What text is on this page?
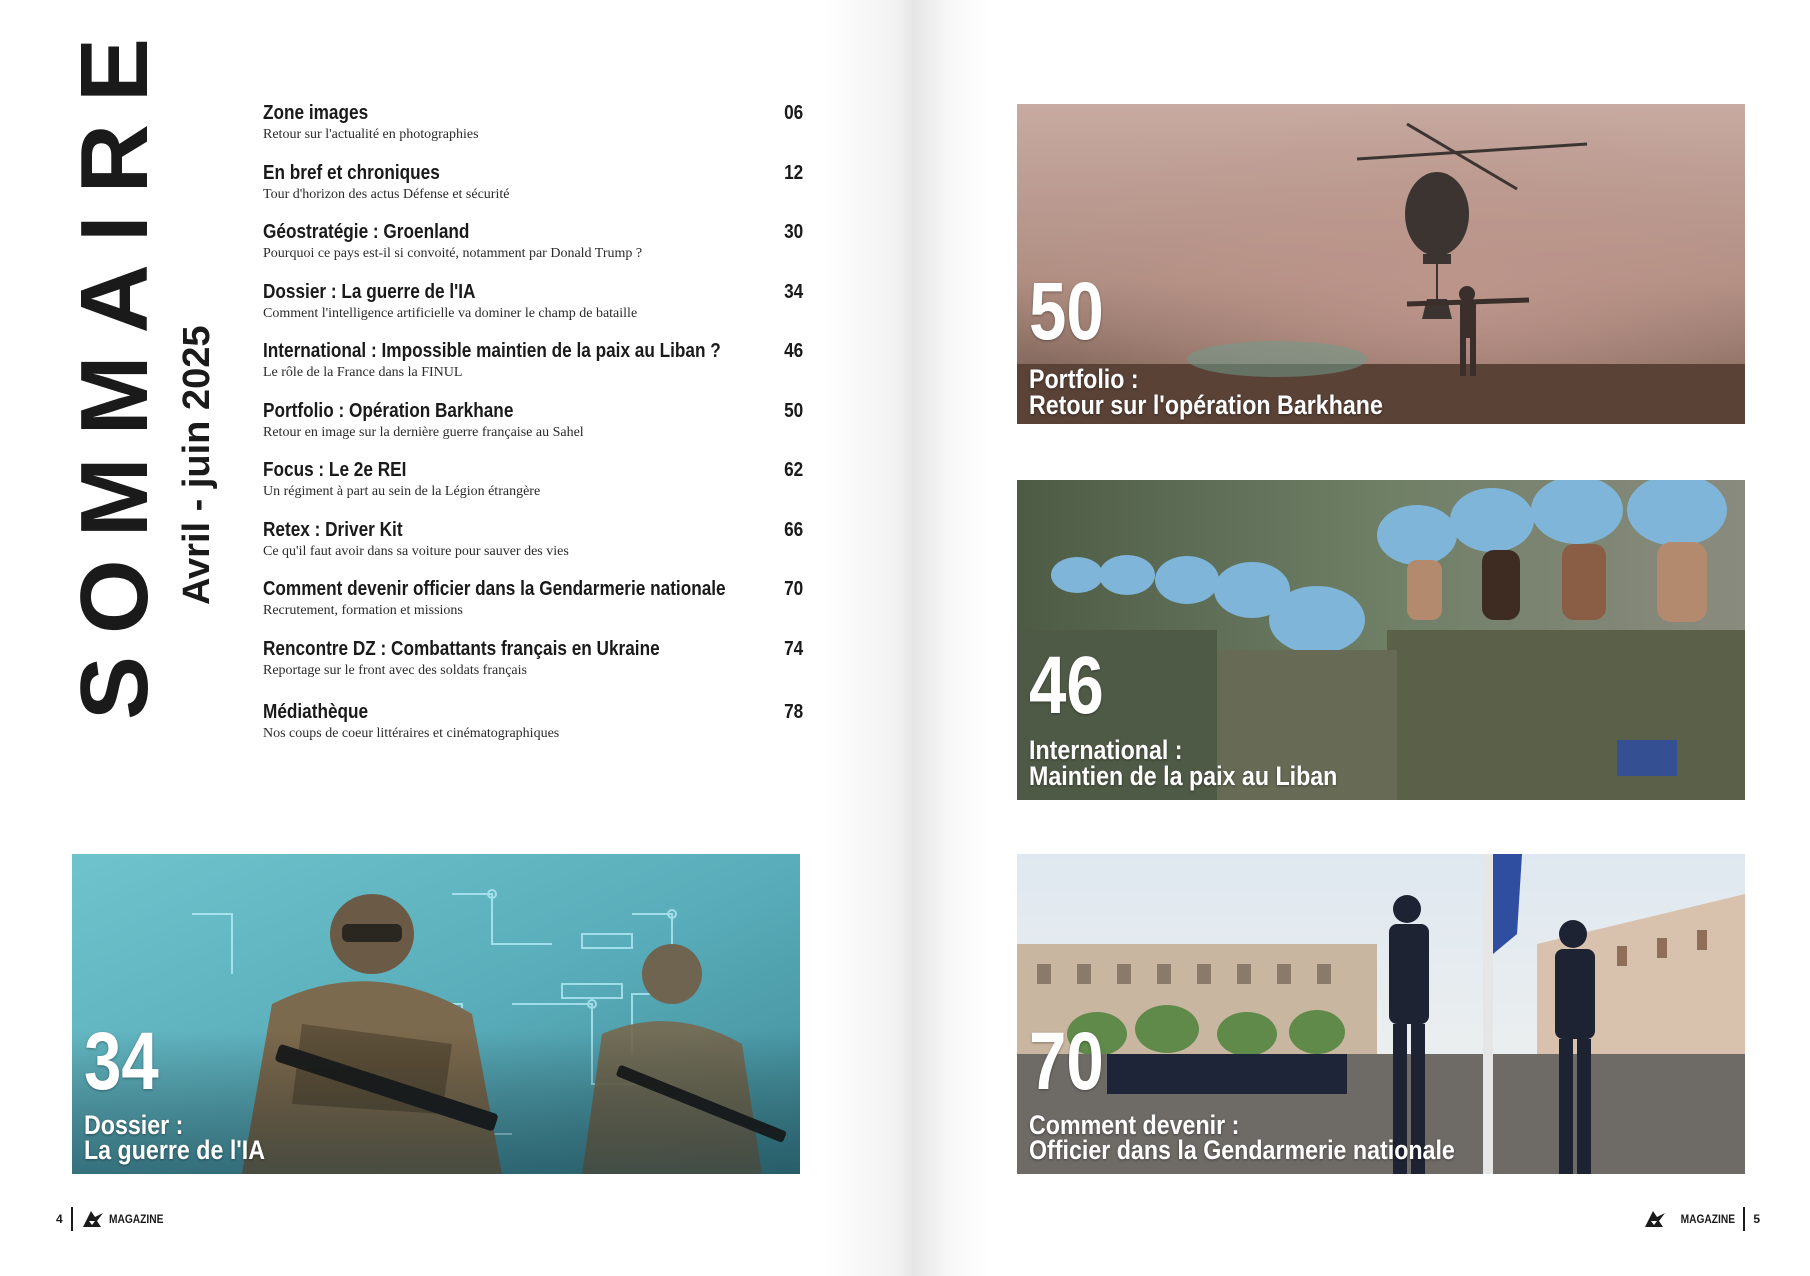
SOMMAIRE Avril - juin 2025
Zone images
Retour sur l'actualité en photographies
06
En bref et chroniques
Tour d'horizon des actus Défense et sécurité
12
Géostratégie : Groenland
Pourquoi ce pays est-il si convoité, notamment par Donald Trump ?
30
Dossier : La guerre de l'IA
Comment l'intelligence artificielle va dominer le champ de bataille
34
International : Impossible maintien de la paix au Liban ?
Le rôle de la France dans la FINUL
46
Portfolio : Opération Barkhane
Retour en image sur la dernière guerre française au Sahel
50
Focus : Le 2e REI
Un régiment à part au sein de la Légion étrangère
62
Retex : Driver Kit
Ce qu'il faut avoir dans sa voiture pour sauver des vies
66
Comment devenir officier dans la Gendarmerie nationale
Recrutement, formation et missions
70
Rencontre DZ : Combattants français en Ukraine
Reportage sur le front avec des soldats français
74
Médiathèque
Nos coups de coeur littéraires et cinématographiques
78
34
Dossier :
La guerre de l'IA
4	MAGAZINE
50
Portfolio :
Retour sur l'opération Barkhane
46
International :
Maintien de la paix au Liban
70
Comment devenir :
Officier dans la Gendarmerie nationale
MAGAZINE 5
